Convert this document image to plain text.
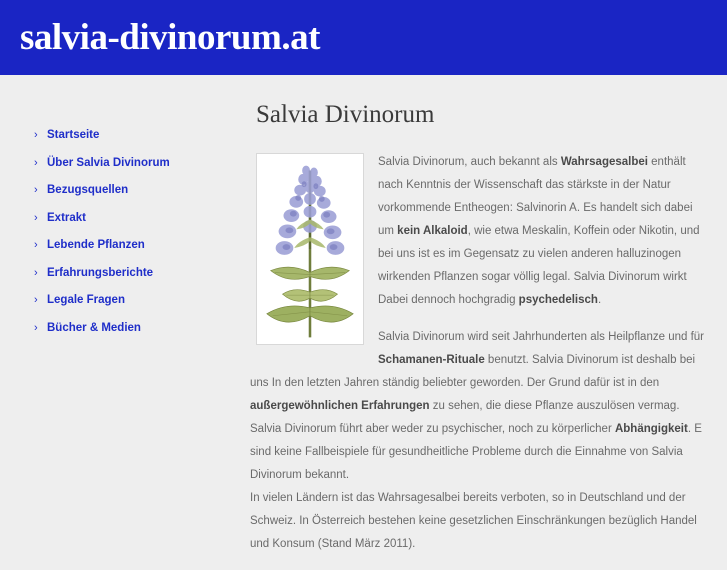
salvia-divinorum.at
› Startseite
› Über Salvia Divinorum
› Bezugsquellen
› Extrakt
› Lebende Pflanzen
› Erfahrungsberichte
› Legale Fragen
› Bücher & Medien
Salvia Divinorum

Salvia Divinorum, auch bekannt als Wahrsagesalbei enthält nach Kenntnis der Wissenschaft das stärkste in der Natur vorkommende Entheogen: Salvinorin A. Es handelt sich dabei um kein Alkaloid, wie etwa Meskalin, Koffein oder Nikotin, und bei uns ist es im Gegensatz zu vielen anderen halluzinogen wirkenden Pflanzen sogar völlig legal. Salvia Divinorum wirkt Dabei dennoch hochgradig psychedelisch.

Salvia Divinorum wird seit Jahrhunderten als Heilpflanze und für Schamanen-Rituale benutzt. Salvia Divinorum ist deshalb bei uns In den letzten Jahren ständig beliebter geworden. Der Grund dafür ist in den außergewöhnlichen Erfahrungen zu sehen, die diese Pflanze auszulösen vermag. Salvia Divinorum führt aber weder zu psychischer, noch zu körperlicher Abhängigkeit. E sind keine Fallbeispiele für gesundheitliche Probleme durch die Einnahme von Salvia Divinorum bekannt.
In vielen Ländern ist das Wahrsagesalbei bereits verboten, so in Deutschland und der Schweiz. In Österreich bestehen keine gesetzlichen Einschränkungen bezüglich Handel und Konsum (Stand März 2011).
